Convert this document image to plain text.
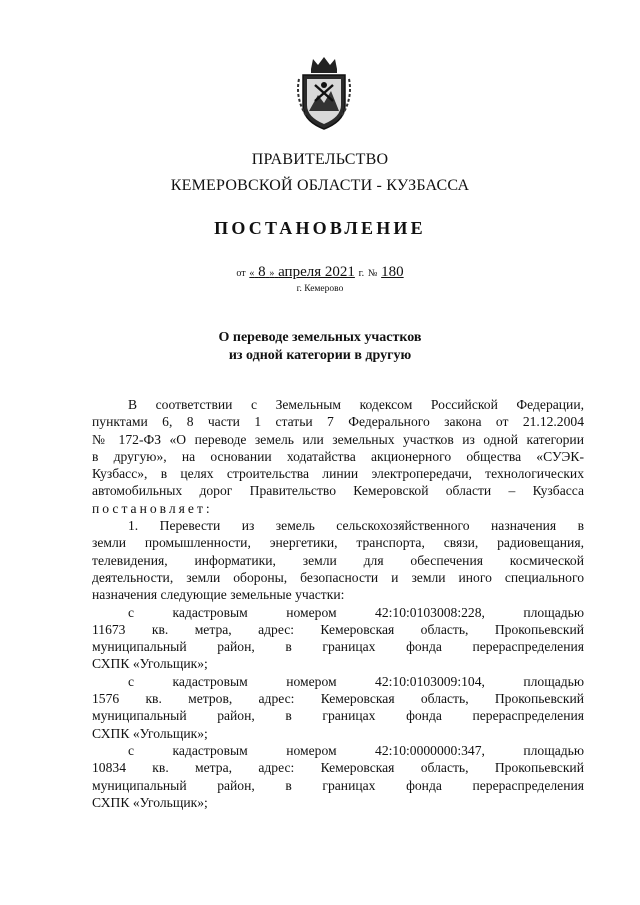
ПРАВИТЕЛЬСТВО
КЕМЕРОВСКОЙ ОБЛАСТИ - КУЗБАССА
ПОСТАНОВЛЕНИЕ
от « 8 » апреля 2021 г. № 180
г. Кемерово
О переводе земельных участков
из одной категории в другую

В соответствии с Земельным кодексом Российской Федерации,

пунктами 6, 8 части 1 статьи 7 Федерального закона от 21.12.2004

№ 172-ФЗ «О переводе земель или земельных участков из одной категории

в другую», на основании ходатайства акционерного общества «СУЭК-

Кузбасс», в целях строительства линии электропередачи, технологических

автомобильных дорог Правительство Кемеровской области – Кузбасса

постановляет:

1. Перевести из земель сельскохозяйственного назначения в

земли промышленности, энергетики, транспорта, связи, радиовещания,

телевидения, информатики, земли для обеспечения космической

деятельности, земли обороны, безопасности и земли иного специального

назначения следующие земельные участки:

с кадастровым номером 42:10:0103008:228, площадью

11673 кв. метра, адрес: Кемеровская область, Прокопьевский

муниципальный район, в границах фонда перераспределения

СХПК «Угольщик»;

с кадастровым номером 42:10:0103009:104, площадью

1576 кв. метров, адрес: Кемеровская область, Прокопьевский

муниципальный район, в границах фонда перераспределения

СХПК «Угольщик»;

с кадастровым номером 42:10:0000000:347, площадью

10834 кв. метра, адрес: Кемеровская область, Прокопьевский

муниципальный район, в границах фонда перераспределения

СХПК «Угольщик»;
